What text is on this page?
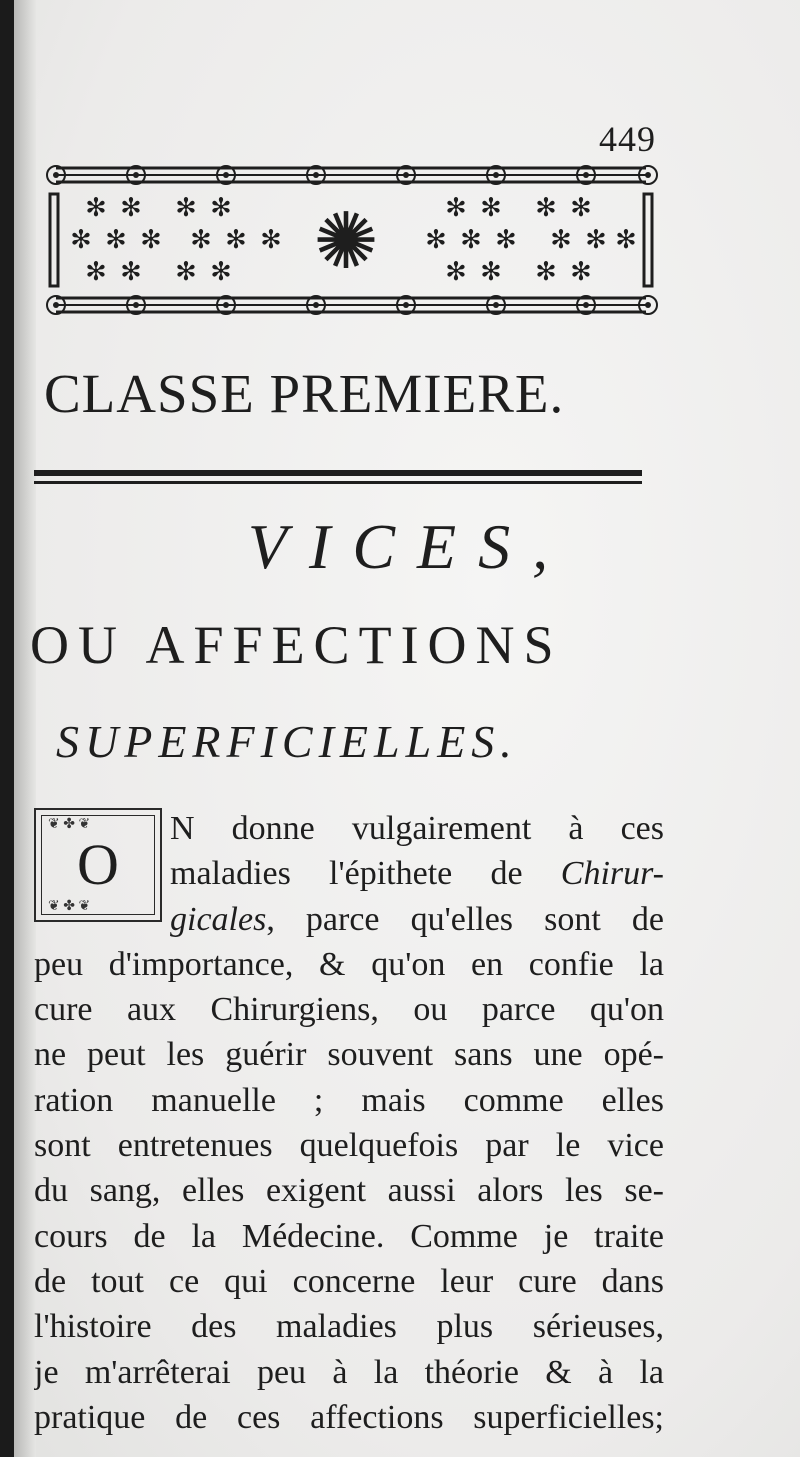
449
✻ ✻ ✻ ✻	✻ ✻ ✻ ✻
✻ ✻ ✻ ✻ ✻ ✻	✻ ✻ ✻ ✻ ✻ ✻
✻ ✻ ✻ ✻	✻ ✻ ✻ ✻
✺
CLASSE PREMIERE.
VICES,
OU AFFECTIONS
SUPERFICIELLES.
❦ ✤ ❦
❦ ✤ ❦
O
N donne vulgairement à ces
maladies l'épithete de Chirur-
gicales, parce qu'elles sont de
peu d'importance, & qu'on en confie la
cure aux Chirurgiens, ou parce qu'on
ne peut les guérir souvent sans une opé-
ration manuelle ; mais comme elles
sont entretenues quelquefois par le vice
du sang, elles exigent aussi alors les se-
cours de la Médecine. Comme je traite
de tout ce qui concerne leur cure dans
l'histoire des maladies plus sérieuses,
je m'arrêterai peu à la théorie & à la
pratique de ces affections superficielles;
